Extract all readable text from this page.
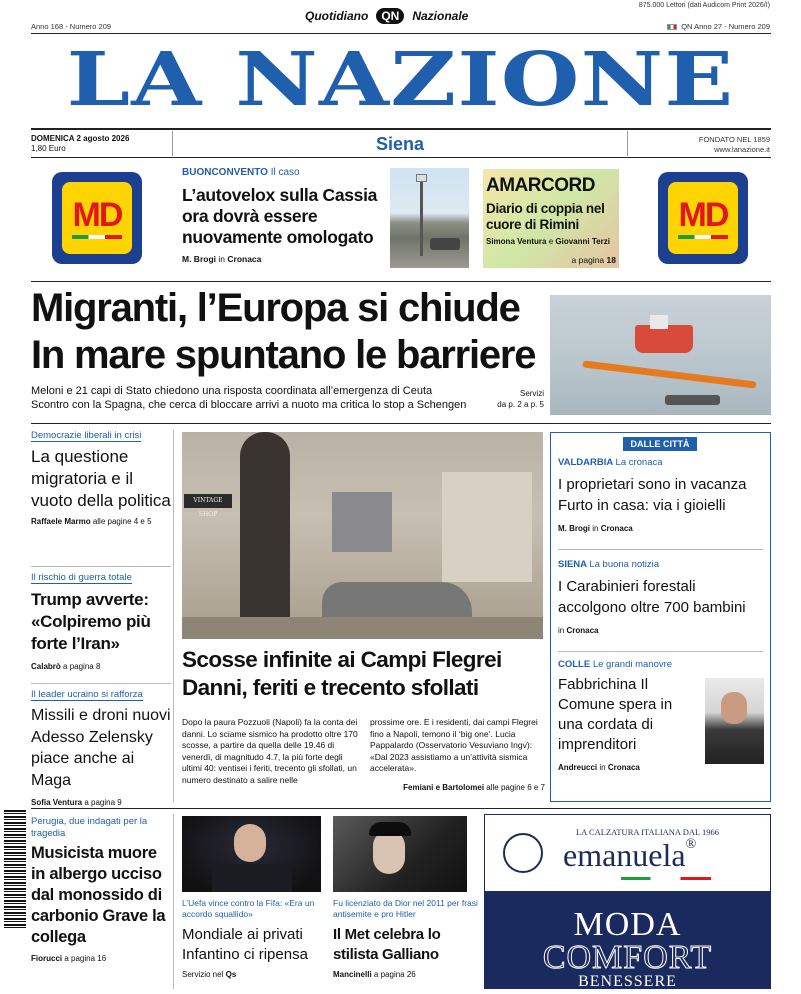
Anno 168 - Numero 209
Quotidiano	QN	Nazionale
875.000 Lettori (dati Audicom Print 2026/I)
QN Anno 27 - Numero 209
LA NAZIONE
DOMENICA 2 agosto 2026
1,80 Euro	Siena	FONDATO NEL 1859
www.lanazione.it
MD
BUONCONVENTO Il caso
L’autovelox sulla Cassia ora dovrà essere nuovamente omologato
M. Brogi in Cronaca
AMARCORD
Diario di coppia nel cuore di Rimini
Simona Ventura e Giovanni Terzi
a pagina 18
MD
Migranti, l’Europa si chiude
In mare spuntano le barriere
Meloni e 21 capi di Stato chiedono una risposta coordinata all’emergenza di Ceuta
Scontro con la Spagna, che cerca di bloccare arrivi a nuoto ma critica lo stop a Schengen
Servizi
da p. 2 a p. 5
Democrazie liberali in crisi
La questione migratoria e il vuoto della politica
Raffaele Marmo alle pagine 4 e 5
Il rischio di guerra totale
Trump avverte: «Colpiremo più forte l’Iran»
Calabrò a pagina 8
Il leader ucraino si rafforza
Missili e droni nuovi Adesso Zelensky piace anche ai Maga
Sofia Ventura a pagina 9
VINTAGE SHOP
Scosse infinite ai Campi Flegrei
Danni, feriti e trecento sfollati
Dopo la paura Pozzuoli (Napoli) fa la conta dei danni. Lo sciame sismico ha prodotto oltre 170 scosse, a partire da quella delle 19.46 di venerdì, di magnitudo 4.7, la più forte degli ultimi 40: ventisei i feriti, trecento gli sfollati, un numero destinato a salire nelle
prossime ore. E i residenti, dai campi Flegrei fino a Napoli, temono il ‘big one’. Lucia Pappalardo (Osservatorio Vesuviano Ingv): «Dal 2023 assistiamo a un’attività sismica accelerata».
Femiani e Bartolomei alle pagine 6 e 7
DALLE CITTÀ
VALDARBIA La cronaca
I proprietari sono in vacanza Furto in casa: via i gioielli
M. Brogi in Cronaca
SIENA La buona notizia
I Carabinieri forestali accolgono oltre 700 bambini
in Cronaca
COLLE Le grandi manovre
Fabbrichina Il Comune spera in una cordata di imprenditori
Andreucci in Cronaca
Perugia, due indagati per la tragedia
Musicista muore in albergo ucciso dal monossido di carbonio Grave la collega
Fiorucci a pagina 16
L’Uefa vince contro la Fifa: «Era un accordo squallido»
Mondiale ai privati Infantino ci ripensa
Servizio nel Qs
Fu licenziato da Dior nel 2011 per frasi antisemite e pro Hitler
Il Met celebra lo stilista Galliano
Mancinelli a pagina 26
LA CALZATURA ITALIANA DAL 1966
emanuela®
MODA
COMFORT
BENESSERE
